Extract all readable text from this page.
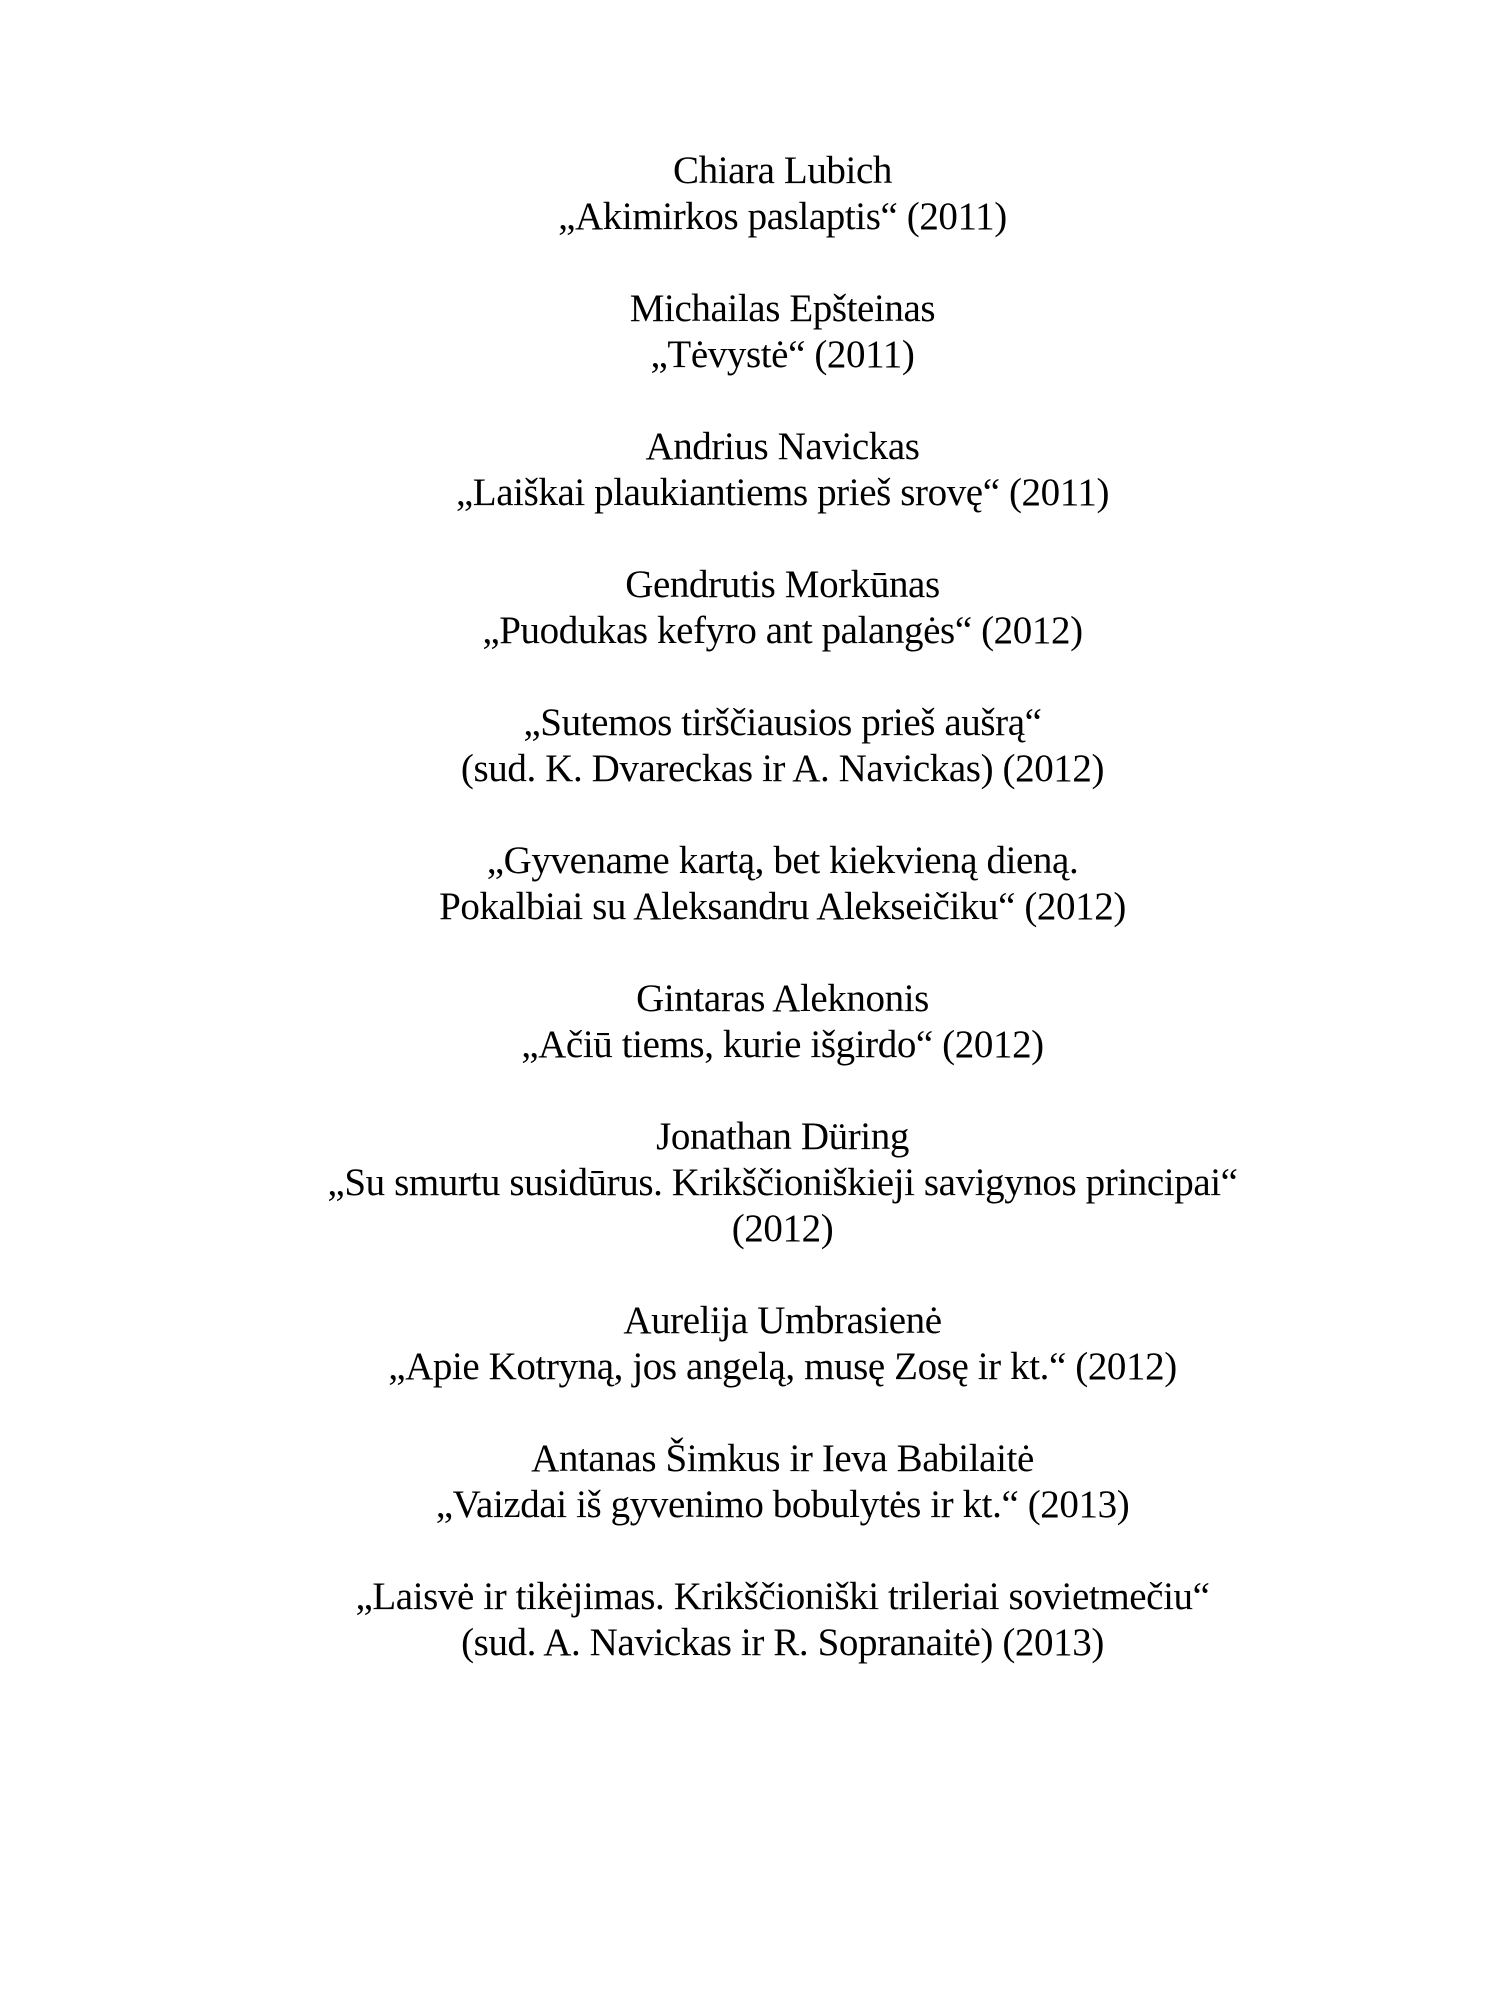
Chiara Lubich
„Akimirkos paslaptis“ (2011)
Michailas Epšteinas
„Tėvystė“ (2011)
Andrius Navickas
„Laiškai plaukiantiems prieš srovę“ (2011)
Gendrutis Morkūnas
„Puodukas kefyro ant palangės“ (2012)
„Sutemos tirščiausios prieš aušrą“
(sud. K. Dvareckas ir A. Navickas) (2012)
„Gyvename kartą, bet kiekvieną dieną.
Pokalbiai su Aleksandru Alekseičiku“ (2012)
Gintaras Aleknonis
„Ačiū tiems, kurie išgirdo“ (2012)
Jonathan Düring
„Su smurtu susidūrus. Krikščioniškieji savigynos principai“
(2012)
Aurelija Umbrasienė
„Apie Kotryną, jos angelą, musę Zosę ir kt.“ (2012)
Antanas Šimkus ir Ieva Babilaitė
„Vaizdai iš gyvenimo bobulytės ir kt.“ (2013)
„Laisvė ir tikėjimas. Krikščioniški trileriai sovietmečiu“
(sud. A. Navickas ir R. Sopranaitė) (2013)
